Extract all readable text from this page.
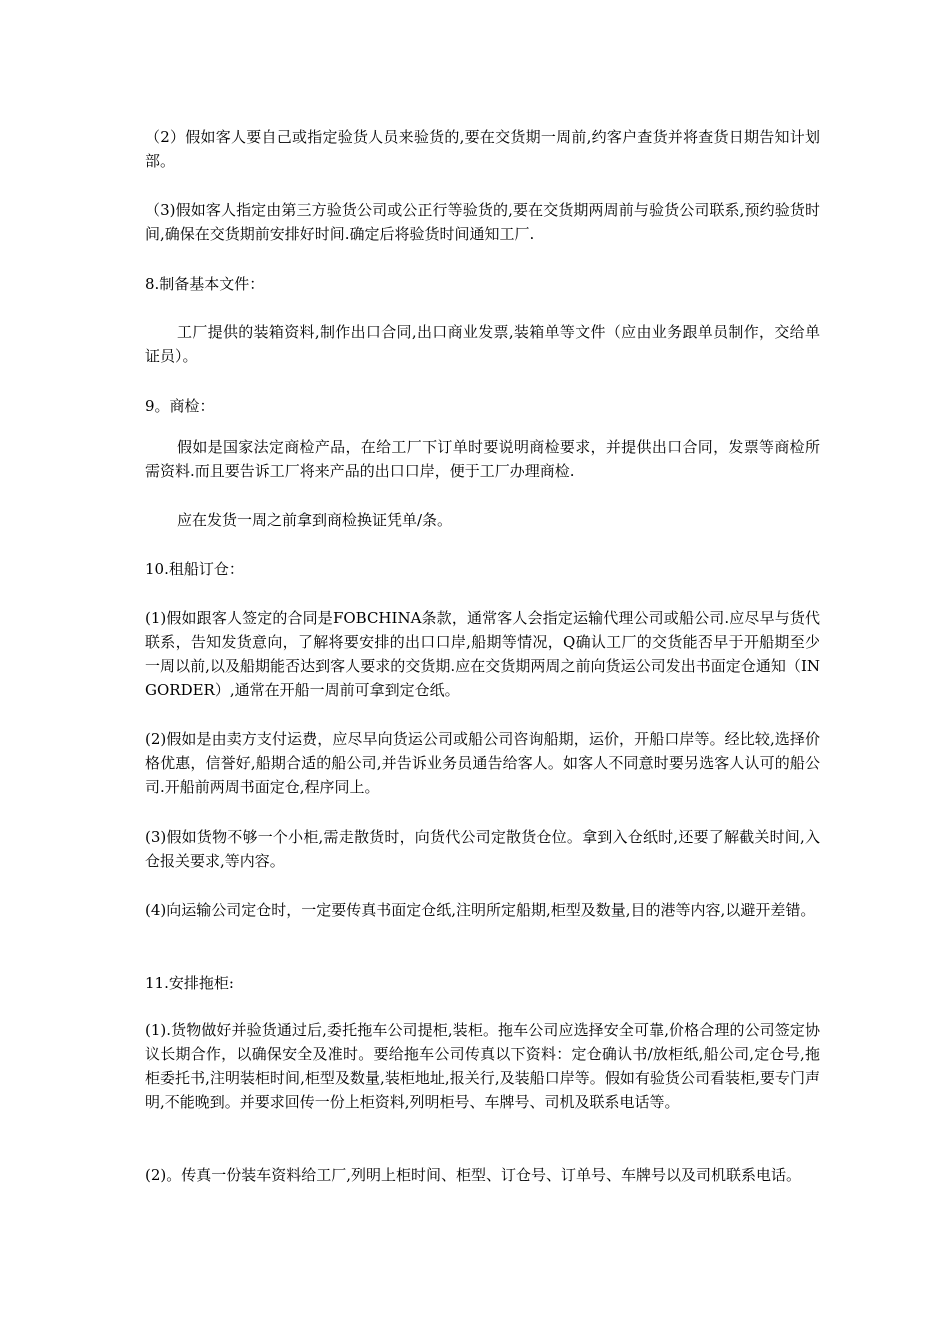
（2）假如客人要自己或指定验货人员来验货的,要在交货期一周前,约客户查货并将查货日期告知计划部。

（3)假如客人指定由第三方验货公司或公正行等验货的,要在交货期两周前与验货公司联系,预约验货时间,确保在交货期前安排好时间.确定后将验货时间通知工厂.

8.制备基本文件：

工厂提供的装箱资料,制作出口合同,出口商业发票,装箱单等文件（应由业务跟单员制作，交给单证员）。

9。商检：

假如是国家法定商检产品，在给工厂下订单时要说明商检要求，并提供出口合同，发票等商检所需资料.而且要告诉工厂将来产品的出口口岸，便于工厂办理商检.

应在发货一周之前拿到商检换证凭单/条。

10.租船订仓：

(1)假如跟客人签定的合同是FOBCHINA条款，通常客人会指定运输代理公司或船公司.应尽早与货代联系，告知发货意向，了解将要安排的出口口岸,船期等情况，Q确认工厂的交货能否早于开船期至少一周以前,以及船期能否达到客人要求的交货期.应在交货期两周之前向货运公司发出书面定仓通知（INGORDER）,通常在开船一周前可拿到定仓纸。

(2)假如是由卖方支付运费，应尽早向货运公司或船公司咨询船期，运价，开船口岸等。经比较,选择价格优惠，信誉好,船期合适的船公司,并告诉业务员通告给客人。如客人不同意时要另选客人认可的船公司.开船前两周书面定仓,程序同上。

(3)假如货物不够一个小柜,需走散货时，向货代公司定散货仓位。拿到入仓纸时,还要了解截关时间,入仓报关要求,等内容。

(4)向运输公司定仓时，一定要传真书面定仓纸,注明所定船期,柜型及数量,目的港等内容,以避开差错。

11.安排拖柜:

(1).货物做好并验货通过后,委托拖车公司提柜,装柜。拖车公司应选择安全可靠,价格合理的公司签定协议长期合作，以确保安全及准时。要给拖车公司传真以下资料：定仓确认书/放柜纸,船公司,定仓号,拖柜委托书,注明装柜时间,柜型及数量,装柜地址,报关行,及装船口岸等。假如有验货公司看装柜,要专门声明,不能晚到。并要求回传一份上柜资料,列明柜号、车牌号、司机及联系电话等。

(2)。传真一份装车资料给工厂,列明上柜时间、柜型、订仓号、订单号、车牌号以及司机联系电话。
